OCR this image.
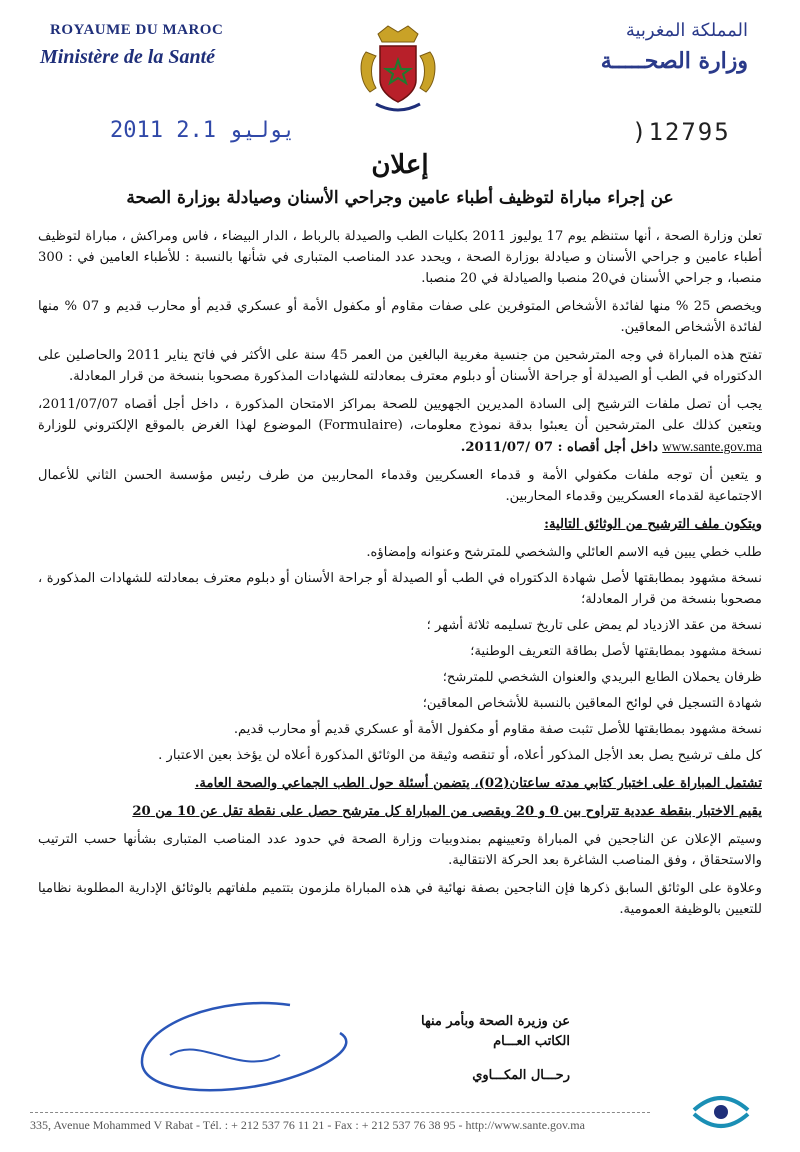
ROYAUME DU MAROC
Ministère de la Santé
المملكة المغربية
وزارة الصحـــــة
2011 يوليو 2.1	)12795
إعلان
عن إجراء مباراة لتوظيف أطباء عامين وجراحي الأسنان وصيادلة بوزارة الصحة

تعلن وزارة الصحة ، أنها ستنظم يوم 17 يوليوز 2011 بكليات الطب والصيدلة بالرباط ، الدار البيضاء ، فاس ومراكش ، مباراة لتوظيف أطباء عامين و جراحي الأسنان و صيادلة بوزارة الصحة ، ويحدد عدد المناصب المتبارى في شأنها بالنسبة : للأطباء العامين في : 300 منصبا، و جراحي الأسنان في20 منصبا والصيادلة في 20 منصبا.

ويخصص 25 % منها لفائدة الأشخاص المتوفرين على صفات مقاوم أو مكفول الأمة أو عسكري قديم أو محارب قديم و 07 % منها لفائدة الأشخاص المعاقين.

تفتح هذه المباراة في وجه المترشحين من جنسية مغربية البالغين من العمر 45 سنة على الأكثر في فاتح يناير 2011 والحاصلين على الدكتوراه في الطب أو الصيدلة أو جراحة الأسنان أو دبلوم معترف بمعادلته للشهادات المذكورة مصحوبا بنسخة من قرار المعادلة.

يجب أن تصل ملفات الترشيح إلى السادة المديرين الجهويين للصحة بمراكز الامتحان المذكورة ، داخل أجل أقصاه 2011/07/07، ويتعين كذلك على المترشحين أن يعبئوا بدقة نموذج معلومات، (Formulaire) الموضوع لهذا الغرض بالموقع الإلكتروني للوزارة www.sante.gov.ma داخل أجل أقصاه : 07 /2011/07.

و يتعين أن توجه ملفات مكفولي الأمة و قدماء العسكريين وقدماء المحاربين من طرف رئيس مؤسسة الحسن الثاني للأعمال الاجتماعية لقدماء العسكريين وقدماء المحاربين.

ويتكون ملف الترشيح من الوثائق التالية:

طلب خطي يبين فيه الاسم العائلي والشخصي للمترشح وعنوانه وإمضاؤه.

نسخة مشهود بمطابقتها لأصل شهادة الدكتوراه في الطب أو الصيدلة أو جراحة الأسنان أو دبلوم معترف بمعادلته للشهادات المذكورة ، مصحوبا بنسخة من قرار المعادلة؛

نسخة من عقد الازدياد لم يمض على تاريخ تسليمه ثلاثة أشهر ؛

نسخة مشهود بمطابقتها لأصل بطاقة التعريف الوطنية؛

ظرفان يحملان الطابع البريدي والعنوان الشخصي للمترشح؛

شهادة التسجيل في لوائح المعاقين بالنسبة للأشخاص المعاقين؛

نسخة مشهود بمطابقتها للأصل تثبت صفة مقاوم أو مكفول الأمة أو عسكري قديم أو محارب قديم.

كل ملف ترشيح يصل بعد الأجل المذكور أعلاه، أو تنقصه وثيقة من الوثائق المذكورة أعلاه لن يؤخذ بعين الاعتبار .

تشتمل المباراة على اختبار كتابي مدته ساعتان(02)، يتضمن أسئلة حول الطب الجماعي والصحة العامة.

يقيم الاختبار بنقطة عددية تتراوح بين 0 و 20 ويقصى من المباراة كل مترشح حصل على نقطة تقل عن 10 من 20

وسيتم الإعلان عن الناجحين في المباراة وتعيينهم بمندوبيات وزارة الصحة في حدود عدد المناصب المتبارى بشأنها حسب الترتيب والاستحقاق ، وفق المناصب الشاغرة بعد الحركة الانتقالية.

وعلاوة على الوثائق السابق ذكرها فإن الناجحين بصفة نهائية في هذه المباراة ملزمون بتتميم ملفاتهم بالوثائق الإدارية المطلوبة نظاميا للتعيين بالوظيفة العمومية.

عن وزيرة الصحة وبأمر منها
الكاتب العـــام
رحـــال المكـــاوي
335, Avenue Mohammed V Rabat - Tél. : + 212 537 76 11 21 - Fax : + 212 537 76 38 95 - http://www.sante.gov.ma
